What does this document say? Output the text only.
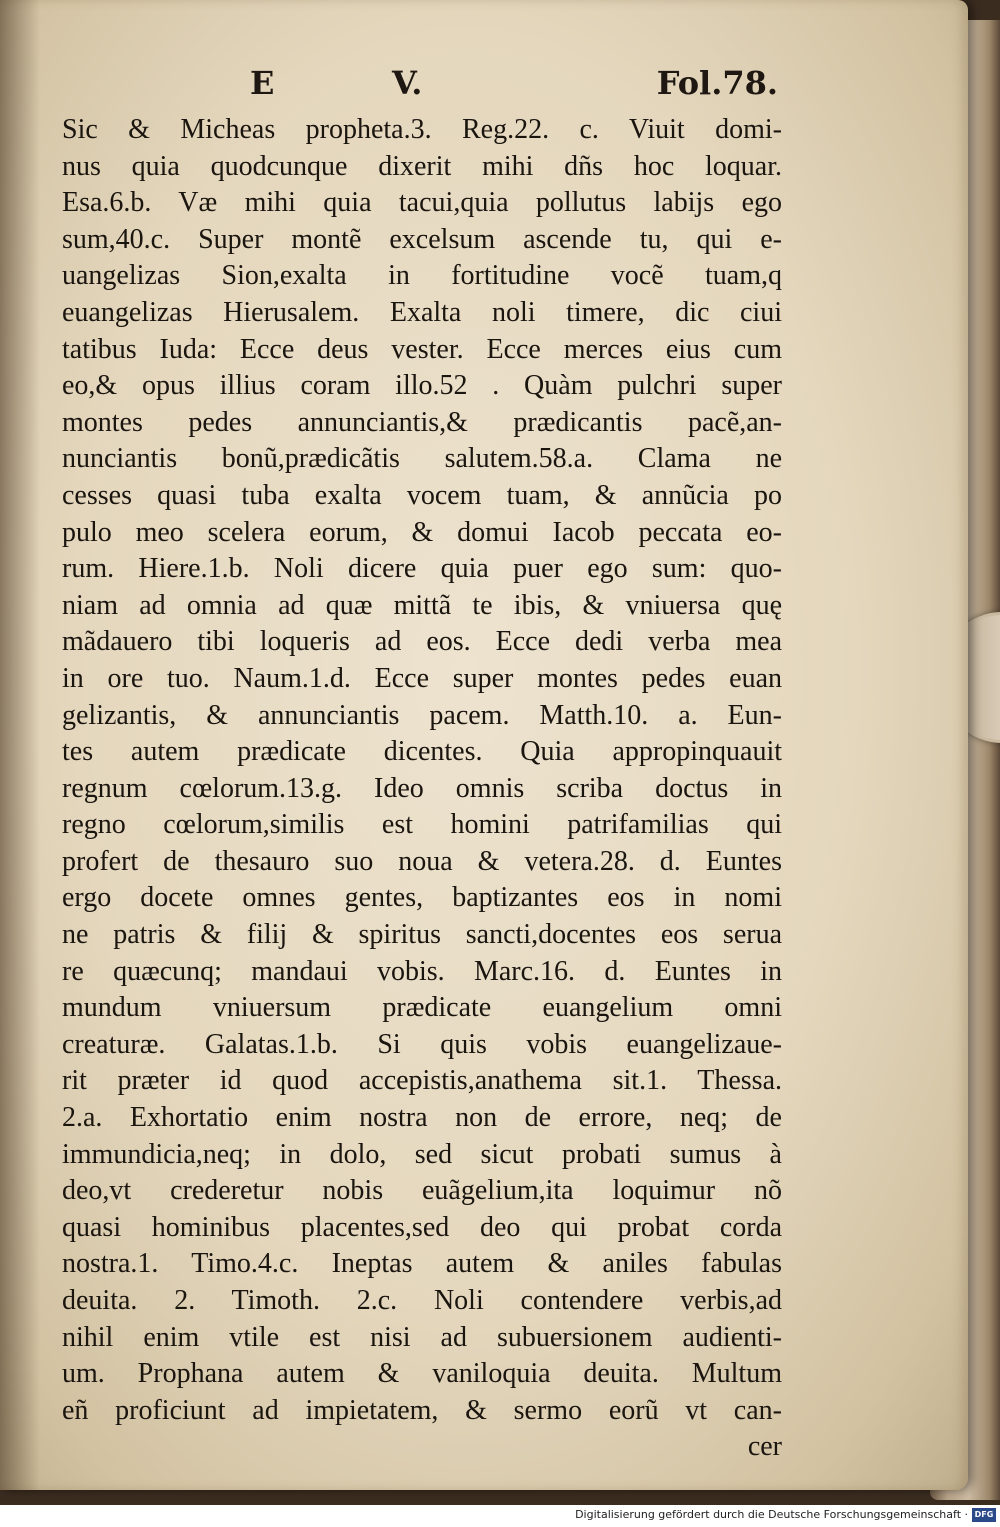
E	V.	Fol.78.
Sic & Micheas propheta.3. Reg.22. c. Viuit domi-
nus quia quodcunque dixerit mihi dñs hoc loquar.
Esa.6.b. Væ mihi quia tacui,quia pollutus labijs ego
sum,40.c. Super montẽ excelsum ascende tu, qui e-
uangelizas Sion,exalta in fortitudine vocẽ tuam,q
euangelizas Hierusalem. Exalta noli timere, dic ciui
tatibus Iuda: Ecce deus vester. Ecce merces eius cum
eo,& opus illius coram illo.52 . Quàm pulchri super
montes pedes annunciantis,& prædicantis pacẽ,an-
nunciantis bonũ,prædicãtis salutem.58.a. Clama ne
cesses quasi tuba exalta vocem tuam, & annũcia po
pulo meo scelera eorum, & domui Iacob peccata eo-
rum. Hiere.1.b. Noli dicere quia puer ego sum: quo-
niam ad omnia ad quæ mittã te ibis, & vniuersa quę
mãdauero tibi loqueris ad eos. Ecce dedi verba mea
in ore tuo. Naum.1.d. Ecce super montes pedes euan
gelizantis, & annunciantis pacem. Matth.10. a. Eun-
tes autem prædicate dicentes. Quia appropinquauit
regnum cœlorum.13.g. Ideo omnis scriba doctus in
regno cœlorum,similis est homini patrifamilias qui
profert de thesauro suo noua & vetera.28. d. Euntes
ergo docete omnes gentes, baptizantes eos in nomi
ne patris & filij & spiritus sancti,docentes eos serua
re quæcunq; mandaui vobis. Marc.16. d. Euntes in
mundum vniuersum prædicate euangelium omni
creaturæ. Galatas.1.b. Si quis vobis euangelizaue-
rit præter id quod accepistis,anathema sit.1. Thessa.
2.a. Exhortatio enim nostra non de errore, neq; de
immundicia,neq; in dolo, sed sicut probati sumus à
deo,vt crederetur nobis euãgelium,ita loquimur nõ
quasi hominibus placentes,sed deo qui probat corda
nostra.1. Timo.4.c. Ineptas autem & aniles fabulas
deuita. 2. Timoth. 2.c. Noli contendere verbis,ad
nihil enim vtile est nisi ad subuersionem audienti-
um. Prophana autem & vaniloquia deuita. Multum
eñ proficiunt ad impietatem, & sermo eorũ vt can-
cer
Digitalisierung gefördert durch die Deutsche Forschungsgemeinschaft · DFG
